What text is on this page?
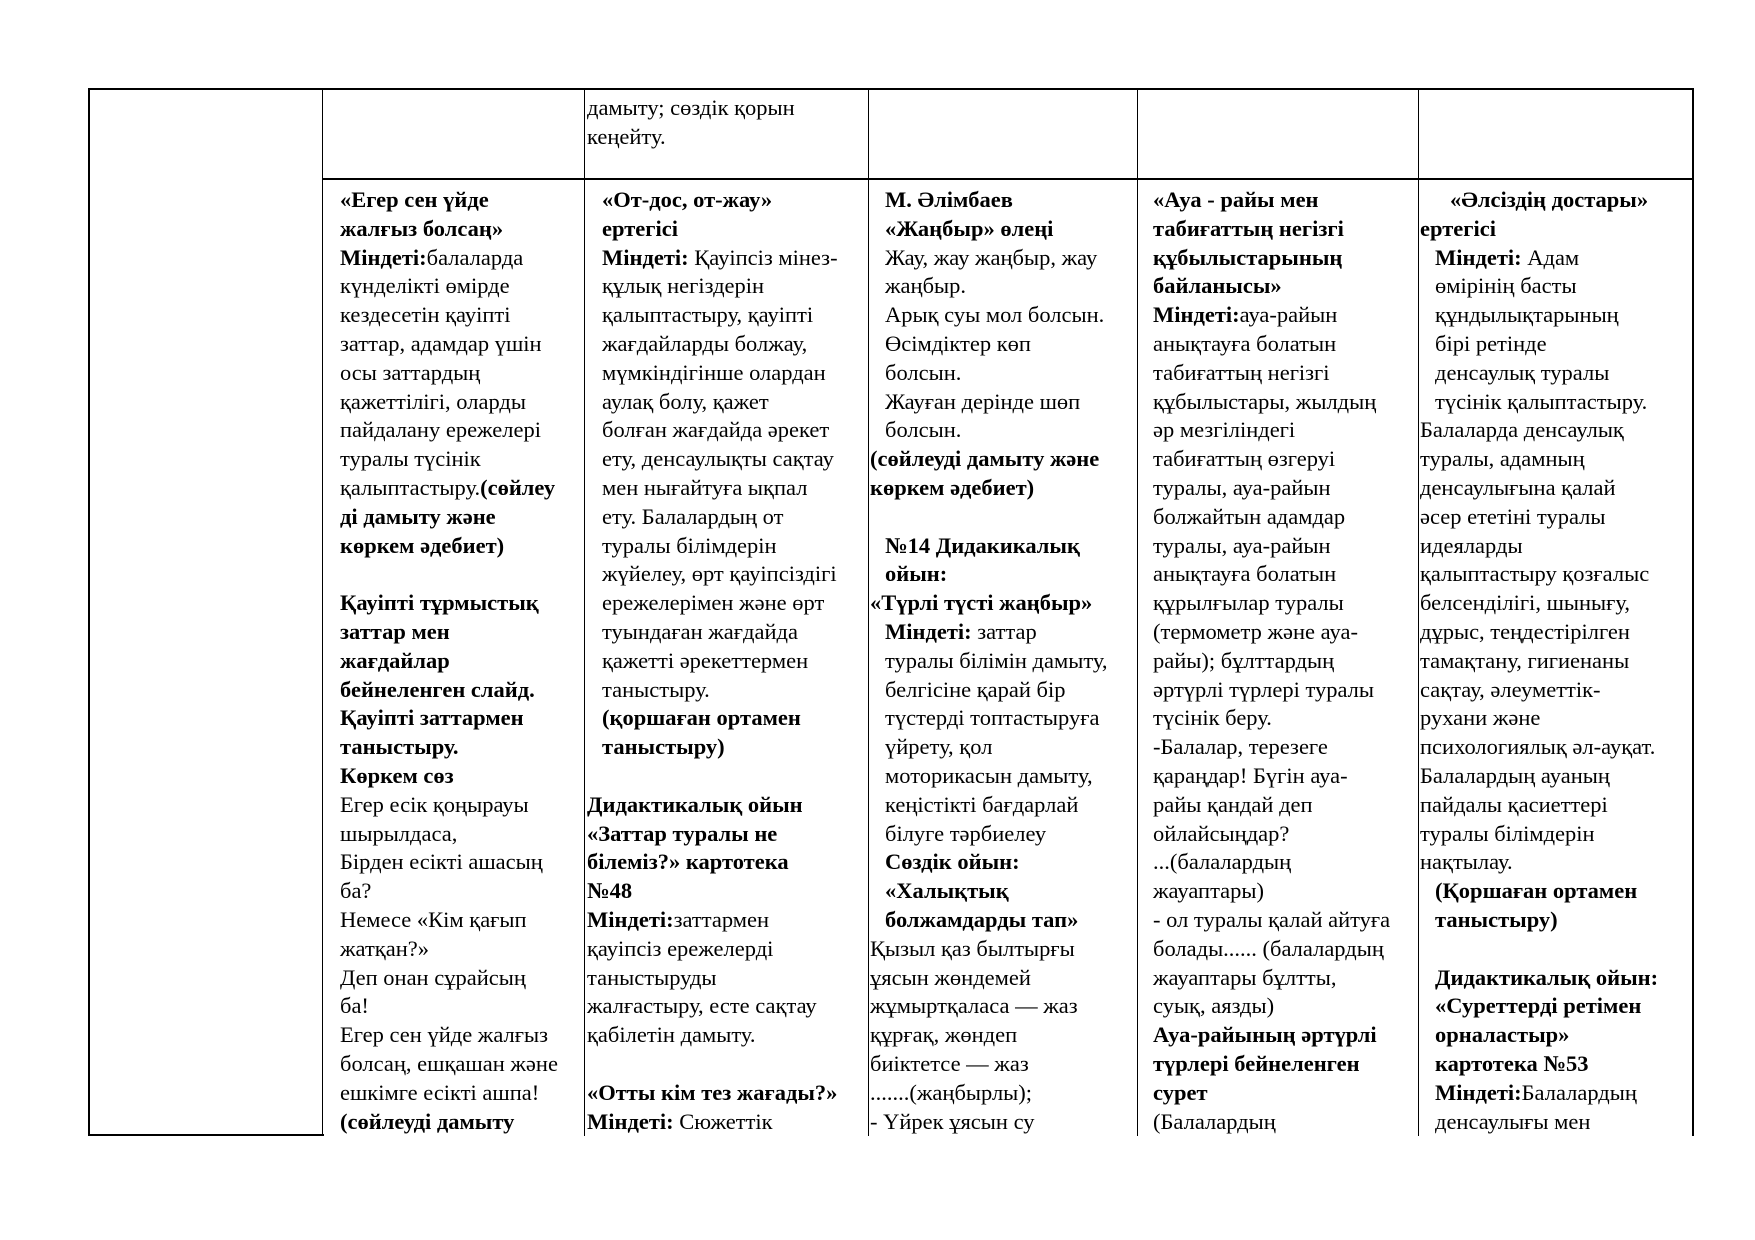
дамыту; сөздік қорын

кеңейту.

«Егер сен үйде

жалғыз болсаң»

Міндеті:балаларда

күнделікті өмірде

кездесетін қауіпті

заттар, адамдар үшін

осы заттардың

қажеттілігі, оларды

пайдалану ережелері

туралы түсінік

қалыптастыру.(сөйлеу

ді дамыту және

көркем әдебиет)

Қауіпті тұрмыстық

заттар мен

жағдайлар

бейнеленген слайд.

Қауіпті заттармен

таныстыру.

Көркем сөз

Егер есік қоңырауы

шырылдаса,

Бірден есікті ашасың

ба?

Немесе «Кім қағып

жатқан?»

Деп онан сұрайсың

ба!

Егер сен үйде жалғыз

болсаң, ешқашан және

ешкімге есікті ашпа!

(сөйлеуді дамыту

«От-дос, от-жау»

ертегісі

Міндеті: Қауіпсіз мінез-

құлық негіздерін

қалыптастыру, қауіпті

жағдайларды болжау,

мүмкіндігінше олардан

аулақ болу, қажет

болған жағдайда әрекет

ету, денсаулықты сақтау

мен нығайтуға ықпал

ету. Балалардың от

туралы білімдерін

жүйелеу, өрт қауіпсіздігі

ережелерімен және өрт

туындаған жағдайда

қажетті әрекеттермен

таныстыру.

(қоршаған ортамен

таныстыру)

Дидактикалық ойын

«Заттар туралы не

білеміз?» картотека

№48

Міндеті:заттармен

қауіпсіз ережелерді

таныстыруды

жалғастыру, есте сақтау

қабілетін дамыту.

«Отты кім тез жағады?»

Міндеті: Сюжеттік

М. Әлімбаев

«Жаңбыр» өлеңі

Жау, жау жаңбыр, жау

жаңбыр.

Арық суы мол болсын.

Өсімдіктер көп

болсын.

Жауған дерінде шөп

болсын.

(сөйлеуді дамыту және

көркем әдебиет)

№14 Дидакикалық

ойын:

«Түрлі түсті жаңбыр»

Міндеті: заттар

туралы білімін дамыту,

белгісіне қарай бір

түстерді топтастыруға

үйрету, қол

моторикасын дамыту,

кеңістікті бағдарлай

білуге тәрбиелеу

Сөздік ойын:

«Халықтық

болжамдарды тап»

Қызыл қаз былтырғы

ұясын жөндемей

жұмыртқаласа — жаз

құрғақ, жөндеп

биіктетсе — жаз

.......(жаңбырлы);

- Үйрек ұясын су

«Ауа - райы мен

табиғаттың негізгі

құбылыстарының

байланысы»

Міндеті:ауа-райын

анықтауға болатын

табиғаттың негізгі

құбылыстары, жылдың

әр мезгіліндегі

табиғаттың өзгеруі

туралы, ауа-райын

болжайтын адамдар

туралы, ауа-райын

анықтауға болатын

құрылғылар туралы

(термометр және ауа-

райы); бұлттардың

әртүрлі түрлері туралы

түсінік беру.

-Балалар, терезеге

қараңдар! Бүгін ауа-

райы қандай деп

ойлайсыңдар?

...(балалардың

жауаптары)

- ол туралы қалай айтуға

болады...... (балалардың

жауаптары бұлтты,

суық, аязды)

Ауа-райының әртүрлі

түрлері бейнеленген

сурет

(Балалардың

«Әлсіздің достары»

ертегісі

Міндеті: Адам

өмірінің басты

құндылықтарының

бірі ретінде

денсаулық туралы

түсінік қалыптастыру.

Балаларда денсаулық

туралы, адамның

денсаулығына қалай

әсер ететіні туралы

идеяларды

қалыптастыру қозғалыс

белсенділігі, шынығу,

дұрыс, теңдестірілген

тамақтану, гигиенаны

сақтау, әлеуметтік-

рухани және

психологиялық әл-ауқат.

Балалардың ауаның

пайдалы қасиеттері

туралы білімдерін

нақтылау.

(Қоршаған ортамен

таныстыру)

Дидактикалық ойын:

«Суреттерді ретімен

орналастыр»

картотека №53

Міндеті:Балалардың

денсаулығы мен
